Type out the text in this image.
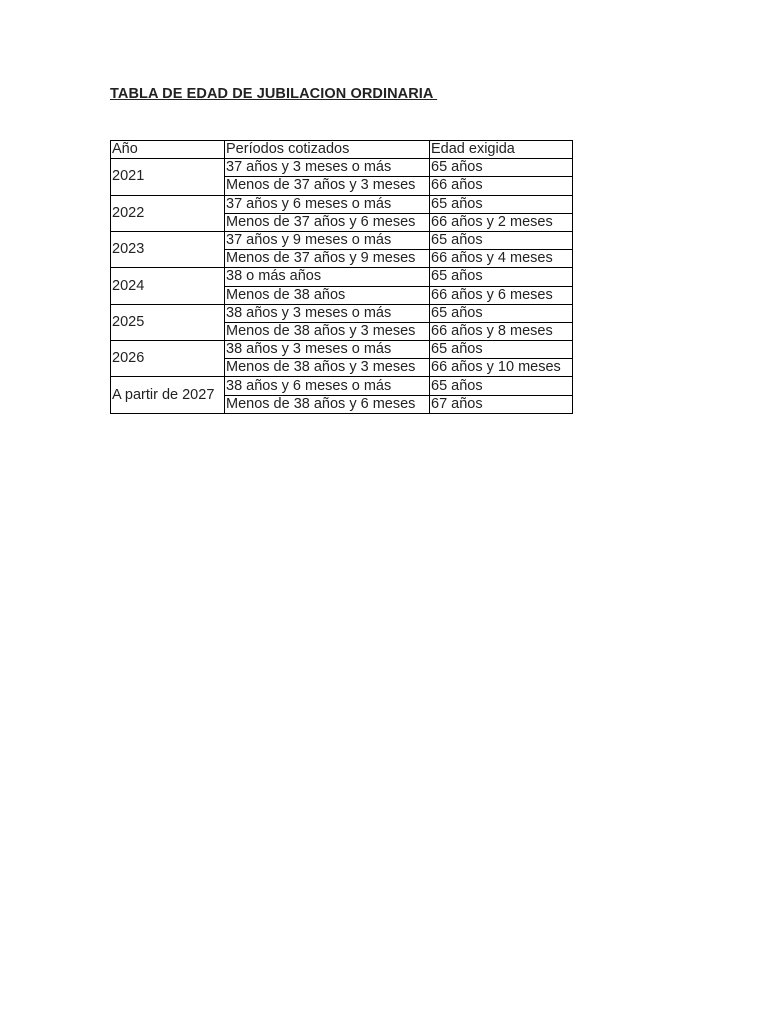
TABLA DE EDAD DE JUBILACION ORDINARIA
Año	Períodos cotizados	Edad exigida
2021	37 años y 3 meses o más	65 años
	Menos de 37 años y 3 meses	66 años
2022	37 años y 6 meses o más	65 años
	Menos de 37 años y 6 meses	66 años y 2 meses
2023	37 años y 9 meses o más	65 años
	Menos de 37 años y 9 meses	66 años y 4 meses
2024	38 o más años	65 años
	Menos de 38 años	66 años y 6 meses
2025	38 años y 3 meses o más	65 años
	Menos de 38 años y 3 meses	66 años y 8 meses
2026	38 años y 3 meses o más	65 años
	Menos de 38 años y 3 meses	66 años y 10 meses
A partir de 2027	38 años y 6 meses o más	65 años
	Menos de 38 años y 6 meses	67 años
